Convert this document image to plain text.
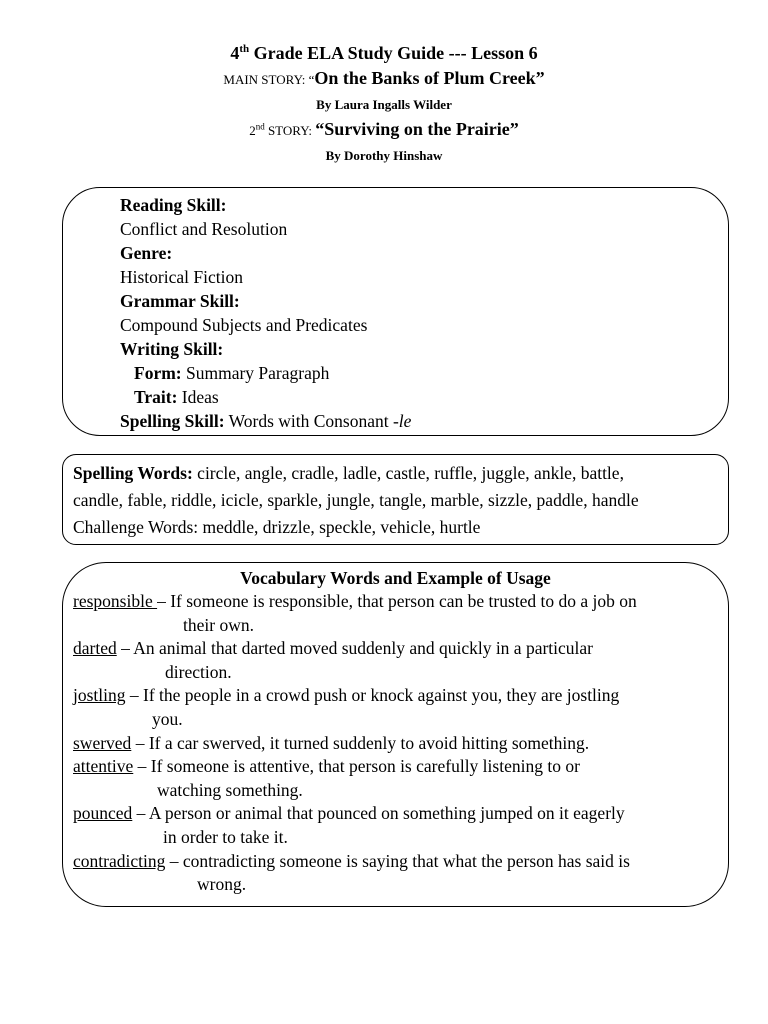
4th Grade ELA Study Guide --- Lesson 6
MAIN STORY: “On the Banks of Plum Creek”
By Laura Ingalls Wilder
2nd STORY: “Surviving on the Prairie”
By Dorothy Hinshaw
Reading Skill:
Conflict and Resolution
Genre:
Historical Fiction
Grammar Skill:
Compound Subjects and Predicates
Writing Skill:
Form: Summary Paragraph
Trait: Ideas
Spelling Skill: Words with Consonant -le
Spelling Words: circle, angle, cradle, ladle, castle, ruffle, juggle, ankle, battle,
candle, fable, riddle, icicle, sparkle, jungle, tangle, marble, sizzle, paddle, handle
Challenge Words: meddle, drizzle, speckle, vehicle, hurtle
Vocabulary Words and Example of Usage
responsible – If someone is responsible, that person can be trusted to do a job on
their own.
darted – An animal that darted moved suddenly and quickly in a particular
direction.
jostling – If the people in a crowd push or knock against you, they are jostling
you.
swerved – If a car swerved, it turned suddenly to avoid hitting something.
attentive – If someone is attentive, that person is carefully listening to or
watching something.
pounced – A person or animal that pounced on something jumped on it eagerly
in order to take it.
contradicting – contradicting someone is saying that what the person has said is
wrong.
